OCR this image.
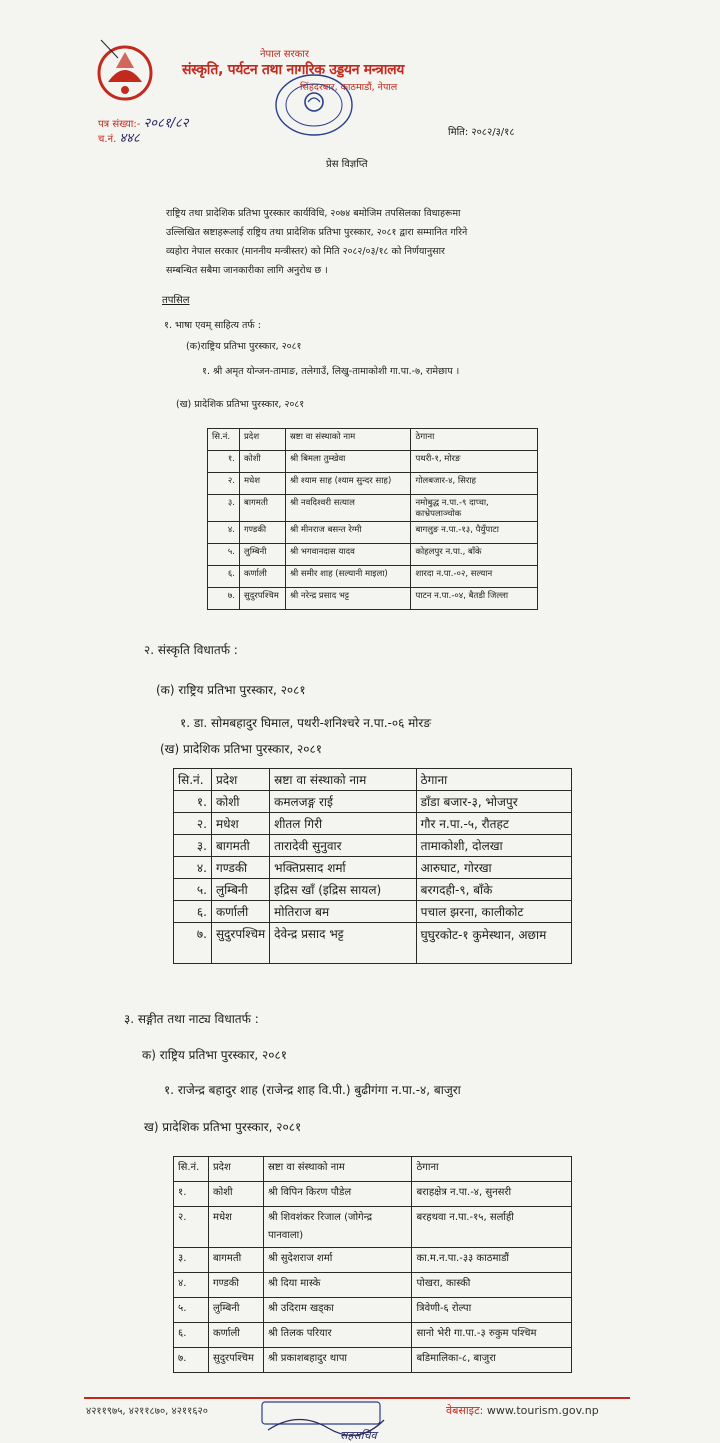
नेपाल सरकार
संस्कृति, पर्यटन तथा नागरिक उड्डयन मन्त्रालय
सिंहदरबार, काठमाडौं, नेपाल
पत्र संख्या:- २०८१/८२
च.नं. ४४८	मिति: २०८२/३/१८
प्रेस विज्ञप्ति

राष्ट्रिय तथा प्रादेशिक प्रतिभा पुरस्कार कार्यविधि, २०७४ बमोजिम तपसिलका विधाहरूमा

उल्लिखित स्रष्टाहरूलाई राष्ट्रिय तथा प्रादेशिक प्रतिभा पुरस्कार, २०८१ द्वारा सम्मानित गरिने

व्यहोरा नेपाल सरकार (माननीय मन्त्रीस्तर) को मिति २०८२/०३/१८ को निर्णयानुसार

सम्बन्धित सबैमा जानकारीका लागि अनुरोध छ ।

तपसिल
१. भाषा एवम् साहित्य तर्फ :
(क)राष्ट्रिय प्रतिभा पुरस्कार, २०८१
१. श्री अमृत योन्जन-तामाङ, तलेगाउँ, लिखु-तामाकोशी गा.पा.-७, रामेछाप ।
(ख) प्रादेशिक प्रतिभा पुरस्कार, २०८१
सि.नं.	प्रदेश	स्रष्टा वा संस्थाको नाम	ठेगाना
१.	कोशी	श्री बिमला तुम्खेवा	पथरी-१, मोरङ
२.	मधेश	श्री श्याम साह (श्याम सुन्दर साह)	गोलबजार-४, सिराह
३.	बागमती	श्री नवदिश्वरी सत्याल	नमोबुद्ध न.पा.-९ दाप्चा, काभ्रेपलाञ्चोक
४.	गण्डकी	श्री मीनराज बसन्त रेग्मी	बागलुङ न.पा.-१३, पैयुँपाटा
५.	लुम्बिनी	श्री भगवानदास यादव	कोहलपुर न.पा., बाँके
६.	कर्णाली	श्री समीर शाह (सल्यानी माइला)	शारदा न.पा.-०२, सल्यान
७.	सुदुरपश्चिम	श्री नरेन्द्र प्रसाद भट्ट	पाटन न.पा.-०४, बैतडी जिल्ला
२. संस्कृति विधातर्फ :
(क) राष्ट्रिय प्रतिभा पुरस्कार, २०८१
१. डा. सोमबहादुर घिमाल, पथरी-शनिश्चरे न.पा.-०६ मोरङ
(ख) प्रादेशिक प्रतिभा पुरस्कार, २०८१
सि.नं.	प्रदेश	स्रष्टा वा संस्थाको नाम	ठेगाना
१.	कोशी	कमलजङ्ग राई	डाँडा बजार-३, भोजपुर
२.	मधेश	शीतल गिरी	गौर न.पा.-५, रौतहट
३.	बागमती	तारादेवी सुनुवार	तामाकोशी, दोलखा
४.	गण्डकी	भक्तिप्रसाद शर्मा	आरुघाट, गोरखा
५.	लुम्बिनी	इद्रिस खाँ (इद्रिस सायल)	बरगदही-९, बाँके
६.	कर्णाली	मोतिराज बम	पचाल झरना, कालीकोट
७.	सुदुरपश्चिम	देवेन्द्र प्रसाद भट्ट	घुघुरकोट-१ कुमेस्थान, अछाम
३. सङ्गीत तथा नाट्य विधातर्फ :
क) राष्ट्रिय प्रतिभा पुरस्कार, २०८१
१. राजेन्द्र बहादुर शाह (राजेन्द्र शाह वि.पी.) बुढीगंगा न.पा.-४, बाजुरा
ख) प्रादेशिक प्रतिभा पुरस्कार, २०८१
सि.नं.	प्रदेश	स्रष्टा वा संस्थाको नाम	ठेगाना
१.	कोशी	श्री विपिन किरण पौडेल	बराहक्षेत्र न.पा.-४, सुनसरी
२.	मधेश	श्री शिवशंकर रिजाल (जोगेन्द्र पानवाला)	बरहथवा न.पा.-१५, सर्लाही
३.	बागमती	श्री सुदेशराज शर्मा	का.म.न.पा.-३३ काठमाडौं
४.	गण्डकी	श्री दिया मास्के	पोखरा, कास्की
५.	लुम्बिनी	श्री उदिराम खड्का	त्रिवेणी-६ रोल्पा
६.	कर्णाली	श्री तिलक परियार	सानो भेरी गा.पा.-३ रुकुम पश्चिम
७.	सुदुरपश्चिम	श्री प्रकाशबहादुर थापा	बडिमालिका-८, बाजुरा
४२११९७५, ४२११८७०, ४२११६२०	वेबसाइट: www.tourism.gov.np
सहसचिव
